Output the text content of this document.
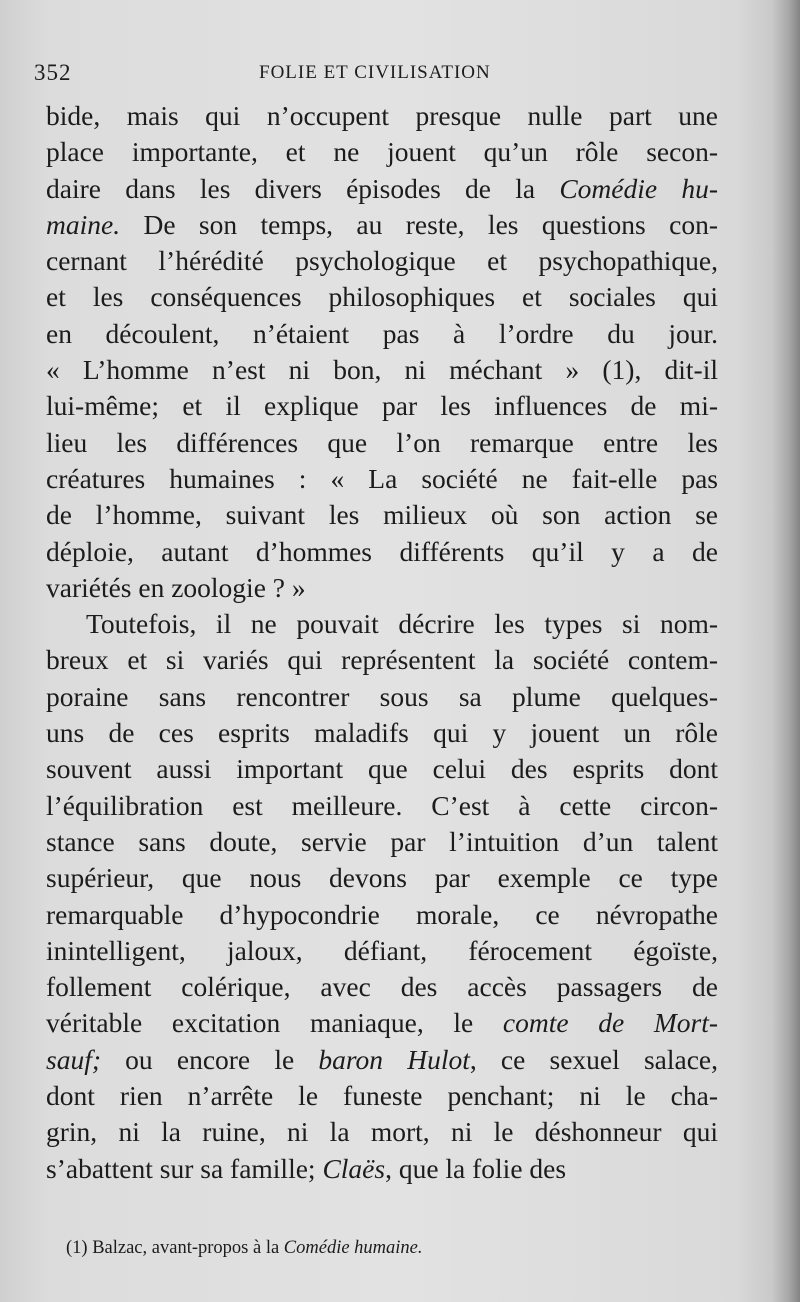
352	FOLIE ET CIVILISATION
bide, mais qui n’occupent presque nulle part une
place importante, et ne jouent qu’un rôle secon-
daire dans les divers épisodes de la Comédie hu-
maine. De son temps, au reste, les questions con-
cernant l’hérédité psychologique et psychopathique,
et les conséquences philosophiques et sociales qui
en découlent, n’étaient pas à l’ordre du jour.
« L’homme n’est ni bon, ni méchant » (1), dit-il
lui-même; et il explique par les influences de mi-
lieu les différences que l’on remarque entre les
créatures humaines : « La société ne fait-elle pas
de l’homme, suivant les milieux où son action se
déploie, autant d’hommes différents qu’il y a de
variétés en zoologie ? »
Toutefois, il ne pouvait décrire les types si nom-
breux et si variés qui représentent la société contem-
poraine sans rencontrer sous sa plume quelques-
uns de ces esprits maladifs qui y jouent un rôle
souvent aussi important que celui des esprits dont
l’équilibration est meilleure. C’est à cette circon-
stance sans doute, servie par l’intuition d’un talent
supérieur, que nous devons par exemple ce type
remarquable d’hypocondrie morale, ce névropathe
inintelligent, jaloux, défiant, férocement égoïste,
follement colérique, avec des accès passagers de
véritable excitation maniaque, le comte de Mort-
sauf; ou encore le baron Hulot, ce sexuel salace,
dont rien n’arrête le funeste penchant; ni le cha-
grin, ni la ruine, ni la mort, ni le déshonneur qui
s’abattent sur sa famille; Claës, que la folie des
(1) Balzac, avant-propos à la Comédie humaine.
